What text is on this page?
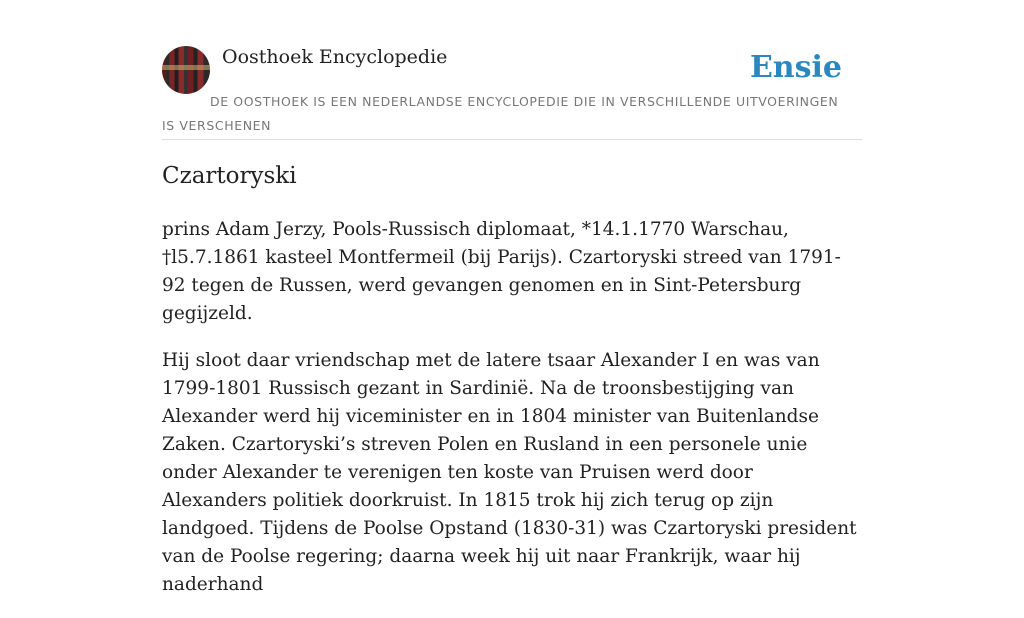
Oosthoek Encyclopedie	Ensie
DE OOSTHOEK IS EEN NEDERLANDSE ENCYCLOPEDIE DIE IN VERSCHILLENDE UITVOERINGEN IS VERSCHENEN
Czartoryski

prins Adam Jerzy, Pools-Russisch diplomaat, *14.1.1770 Warschau, †l5.7.1861 kasteel Montfermeil (bij Parijs). Czartoryski streed van 1791-92 tegen de Russen, werd gevangen genomen en in Sint-Petersburg gegijzeld.

Hij sloot daar vriendschap met de latere tsaar Alexander I en was van 1799-1801 Russisch gezant in Sardinië. Na de troonsbestijging van Alexander werd hij viceminister en in 1804 minister van Buitenlandse Zaken. Czartoryski’s streven Polen en Rusland in een personele unie onder Alexander te verenigen ten koste van Pruisen werd door Alexanders politiek doorkruist. In 1815 trok hij zich terug op zijn landgoed. Tijdens de Poolse Opstand (1830-31) was Czartoryski president van de Poolse regering; daarna week hij uit naar Frankrijk, waar hij naderhand
